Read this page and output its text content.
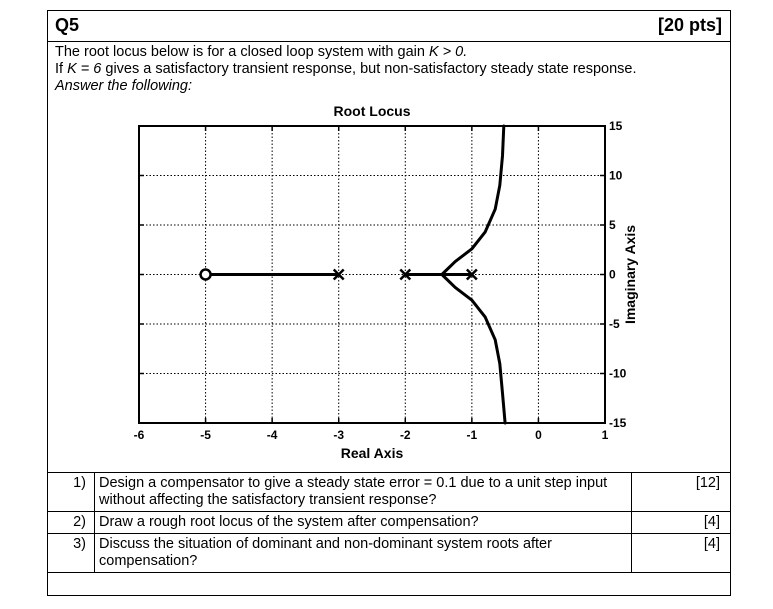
Q5	[20 pts]
The root locus below is for a closed loop system with gain K > 0.
If K = 6 gives a satisfactory transient response, but non-satisfactory steady state response.
Answer the following:
-6	-5	-4	-3	-2	-1	0	1
15
10
5
0
-5
-10
-15
Root Locus
Real Axis
Imaginary Axis
1)	Design a compensator to give a steady state error = 0.1 due to a unit step input without affecting the satisfactory transient response?	[12]
2)	Draw a rough root locus of the system after compensation?	[4]
3)	Discuss the situation of dominant and non-dominant system roots after compensation?	[4]
